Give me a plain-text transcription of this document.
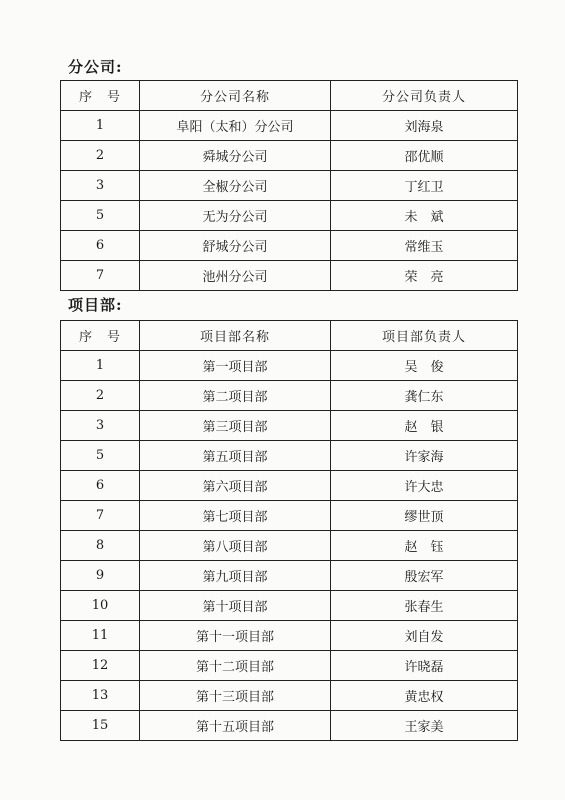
分公司:
序　号	分公司名称	分公司负责人
1	阜阳（太和）分公司	刘海泉
2	舜城分公司	邵优顺
3	全椒分公司	丁红卫
5	无为分公司	未　斌
6	舒城分公司	常维玉
7	池州分公司	荣　亮
项目部:
序　号	项目部名称	项目部负责人
1	第一项目部	吴　俊
2	第二项目部	龚仁东
3	第三项目部	赵　银
5	第五项目部	许家海
6	第六项目部	许大忠
7	第七项目部	缪世顶
8	第八项目部	赵　钰
9	第九项目部	殷宏军
10	第十项目部	张春生
11	第十一项目部	刘自发
12	第十二项目部	许晓磊
13	第十三项目部	黄忠权
15	第十五项目部	王家美
